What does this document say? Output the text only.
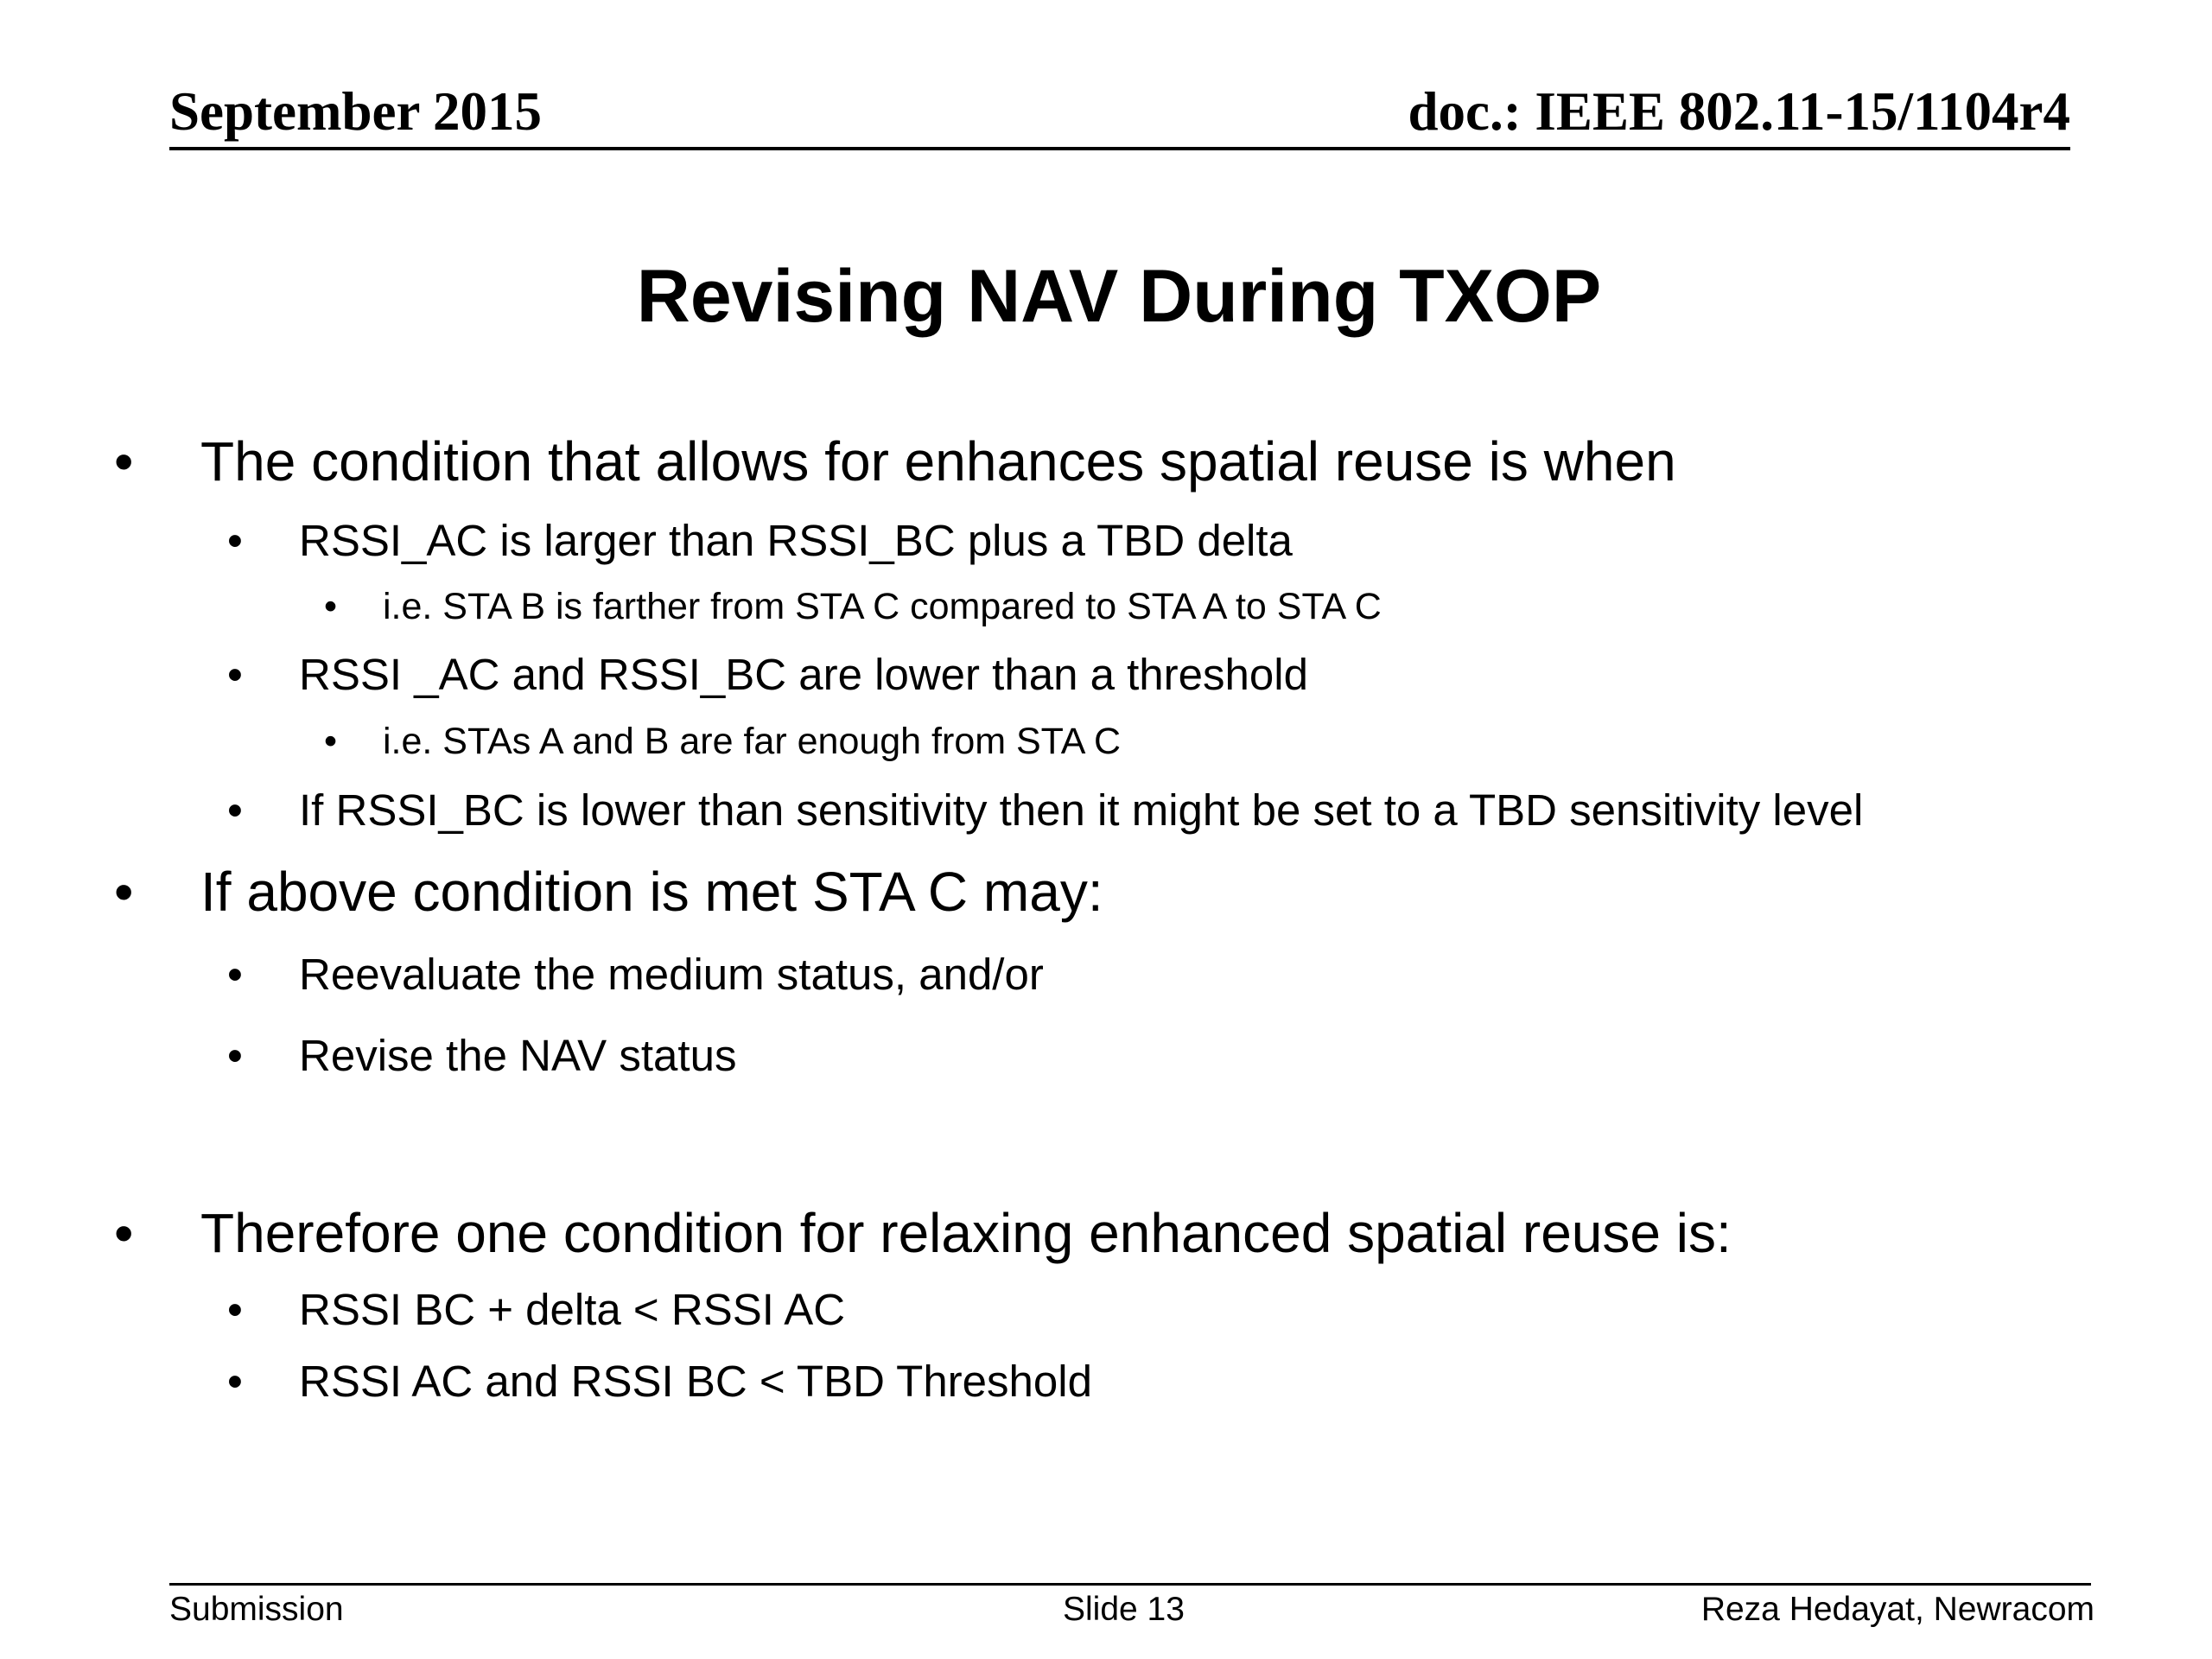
September 2015	doc.: IEEE 802.11-15/1104r4
Revising NAV During TXOP
• The condition that allows for enhances spatial reuse is when
• RSSI_AC is larger than RSSI_BC plus a TBD delta
• i.e. STA B is farther from STA C compared to STA A to STA C
• RSSI _AC and RSSI_BC are lower than a threshold
• i.e. STAs A and B are far enough from STA C
• If RSSI_BC is lower than sensitivity then it might be set to a TBD sensitivity level
• If above condition is met STA C may:
• Reevaluate the medium status, and/or
• Revise the NAV status
• Therefore one condition for relaxing enhanced spatial reuse is:
• RSSI BC + delta < RSSI AC
• RSSI AC and RSSI BC < TBD Threshold
Submission	Slide 13	Reza Hedayat, Newracom
